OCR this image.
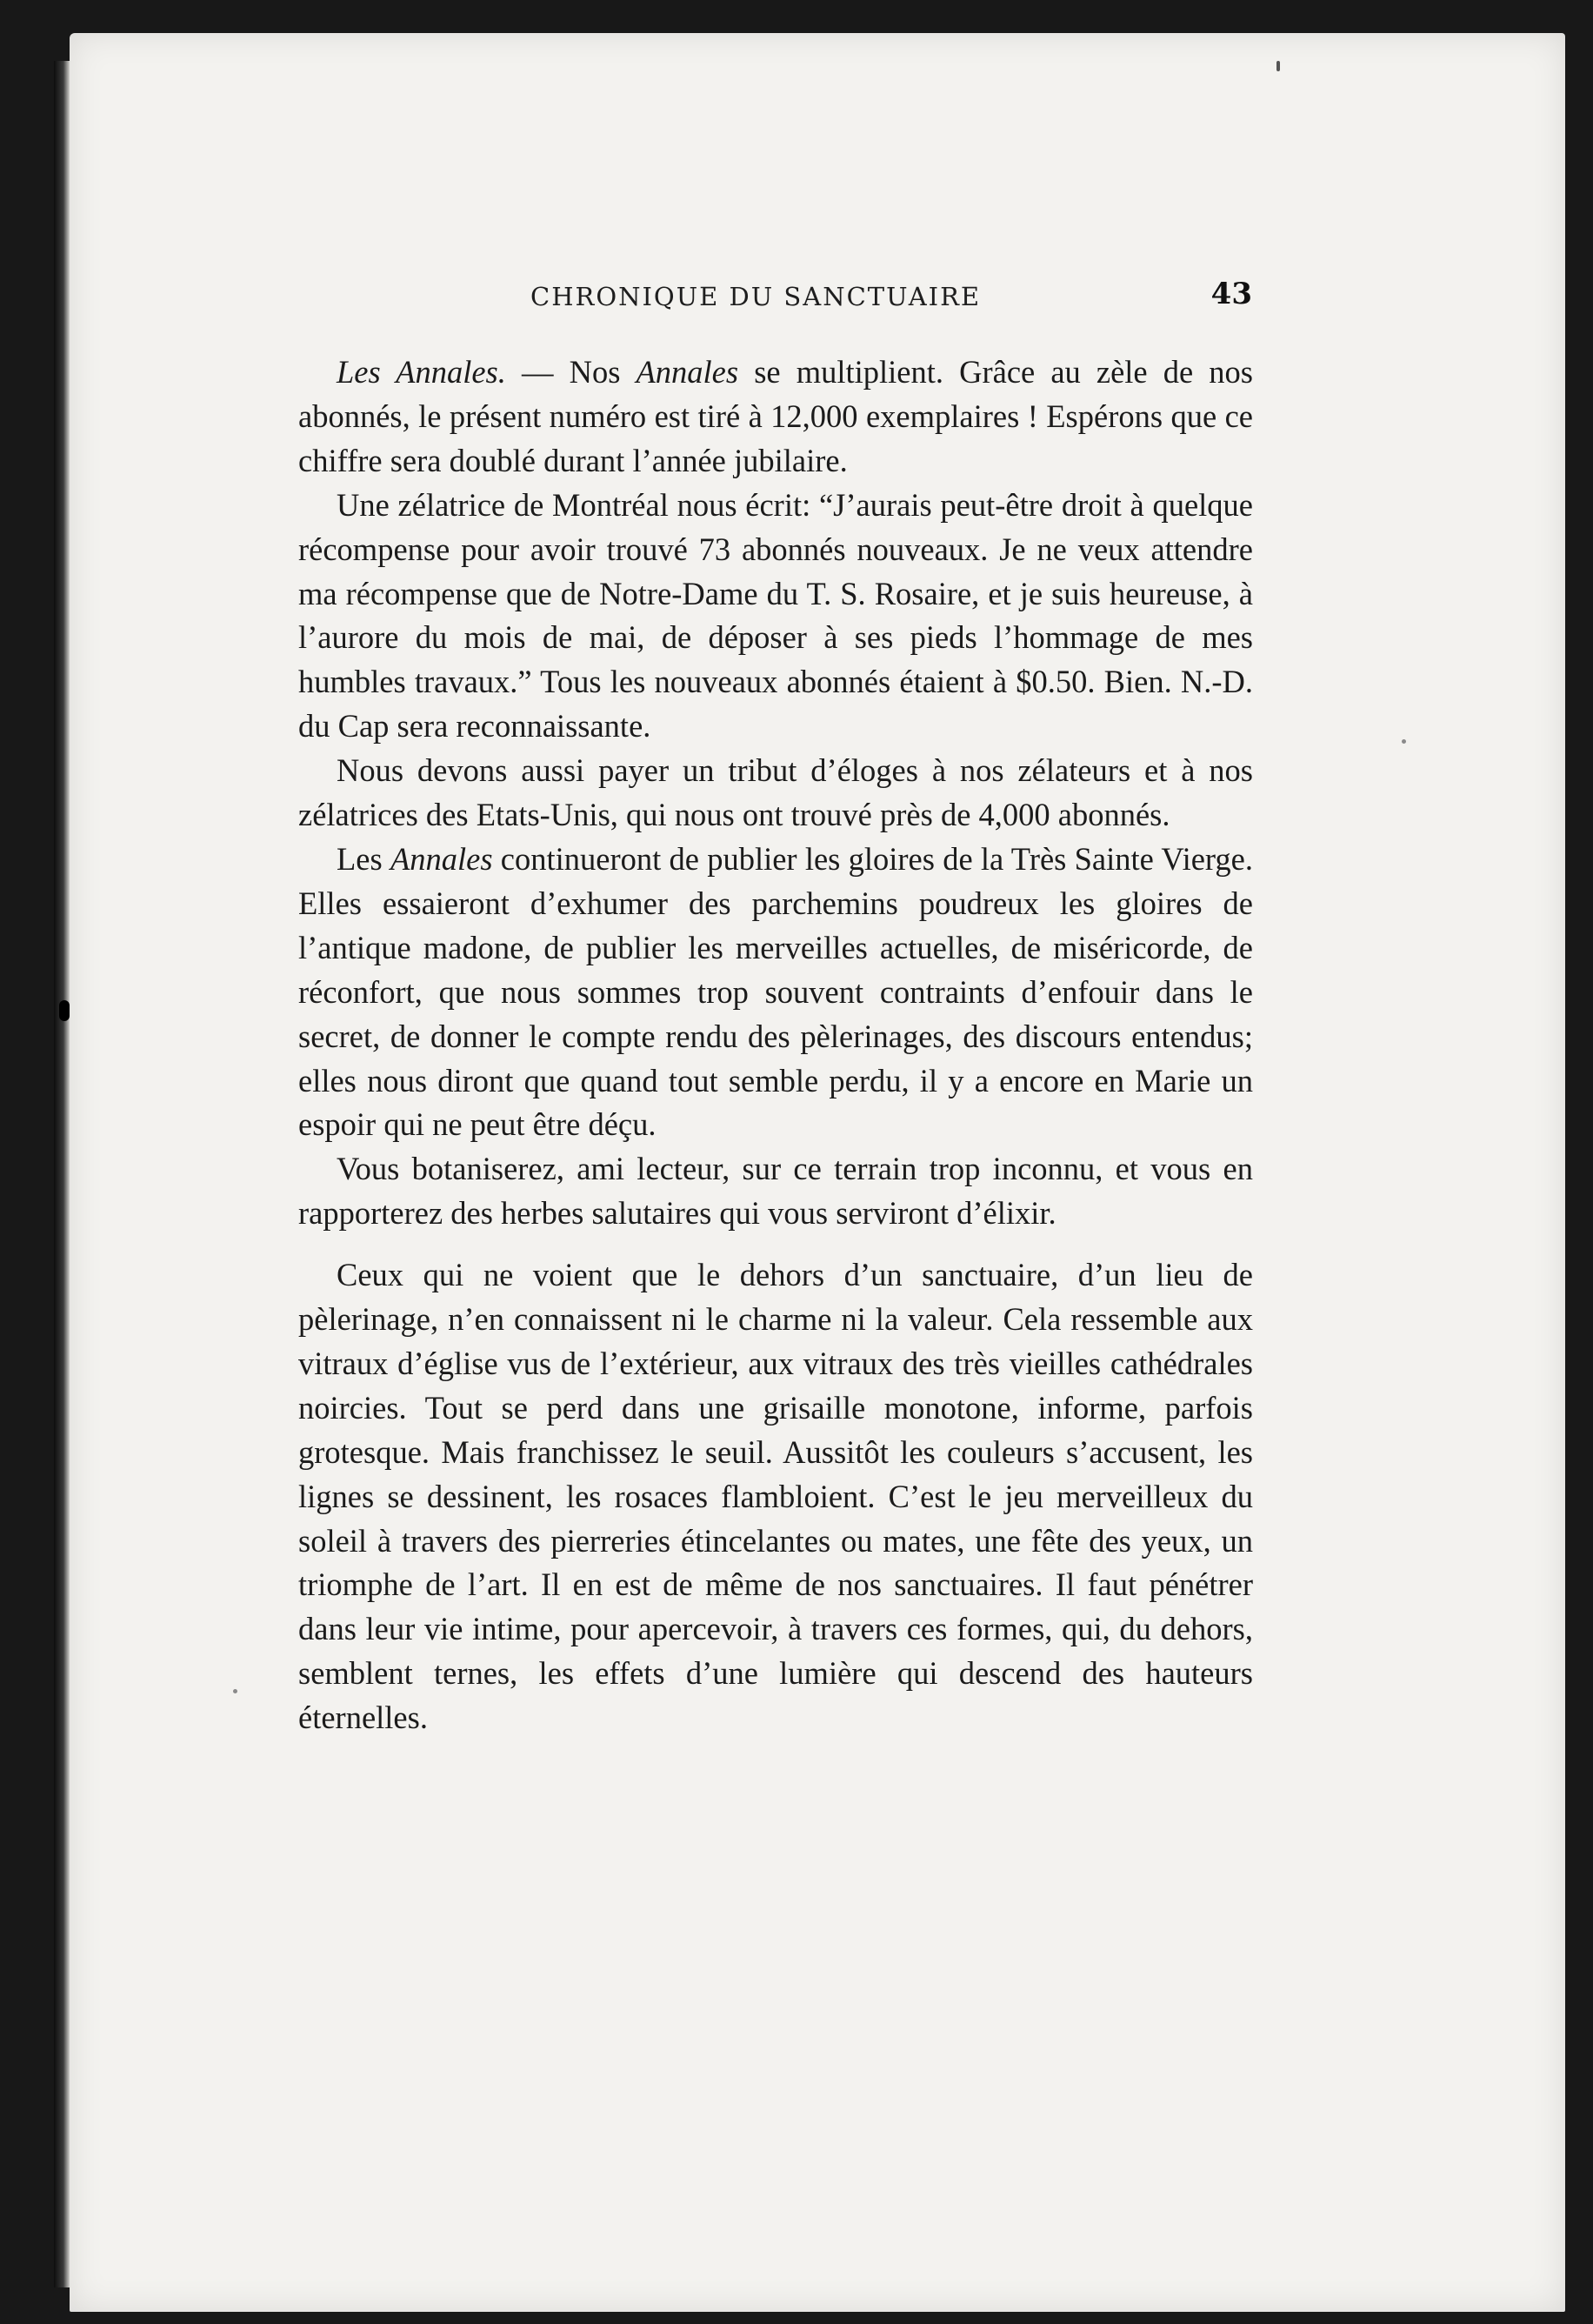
CHRONIQUE DU SANCTUAIRE	43

Les Annales. — Nos Annales se multiplient. Grâce au zèle de nos abonnés, le présent numéro est tiré à 12,000 exemplaires ! Espérons que ce chiffre sera doublé durant l’année jubilaire.

Une zélatrice de Montréal nous écrit: “J’aurais peut-être droit à quelque récompense pour avoir trouvé 73 abonnés nouveaux. Je ne veux attendre ma récompense que de Notre-Dame du T. S. Rosaire, et je suis heureuse, à l’aurore du mois de mai, de déposer à ses pieds l’hommage de mes humbles travaux.” Tous les nouveaux abonnés étaient à $0.50. Bien. N.-D. du Cap sera reconnaissante.

Nous devons aussi payer un tribut d’éloges à nos zélateurs et à nos zélatrices des Etats-Unis, qui nous ont trouvé près de 4,000 abonnés.

Les Annales continueront de publier les gloires de la Très Sainte Vierge. Elles essaieront d’exhumer des parchemins poudreux les gloires de l’antique madone, de publier les merveilles actuelles, de miséricorde, de réconfort, que nous sommes trop souvent contraints d’enfouir dans le secret, de donner le compte rendu des pèlerinages, des discours entendus; elles nous diront que quand tout semble perdu, il y a encore en Marie un espoir qui ne peut être déçu.

Vous botaniserez, ami lecteur, sur ce terrain trop inconnu, et vous en rapporterez des herbes salutaires qui vous serviront d’élixir.

Ceux qui ne voient que le dehors d’un sanctuaire, d’un lieu de pèlerinage, n’en connaissent ni le charme ni la valeur. Cela ressemble aux vitraux d’église vus de l’extérieur, aux vitraux des très vieilles cathédrales noircies. Tout se perd dans une grisaille monotone, informe, parfois grotesque. Mais franchissez le seuil. Aussitôt les couleurs s’accusent, les lignes se dessinent, les rosaces flambloient. C’est le jeu merveilleux du soleil à travers des pierreries étincelantes ou mates, une fête des yeux, un triomphe de l’art. Il en est de même de nos sanctuaires. Il faut pénétrer dans leur vie intime, pour apercevoir, à travers ces formes, qui, du dehors, semblent ternes, les effets d’une lumière qui descend des hauteurs éternelles.
